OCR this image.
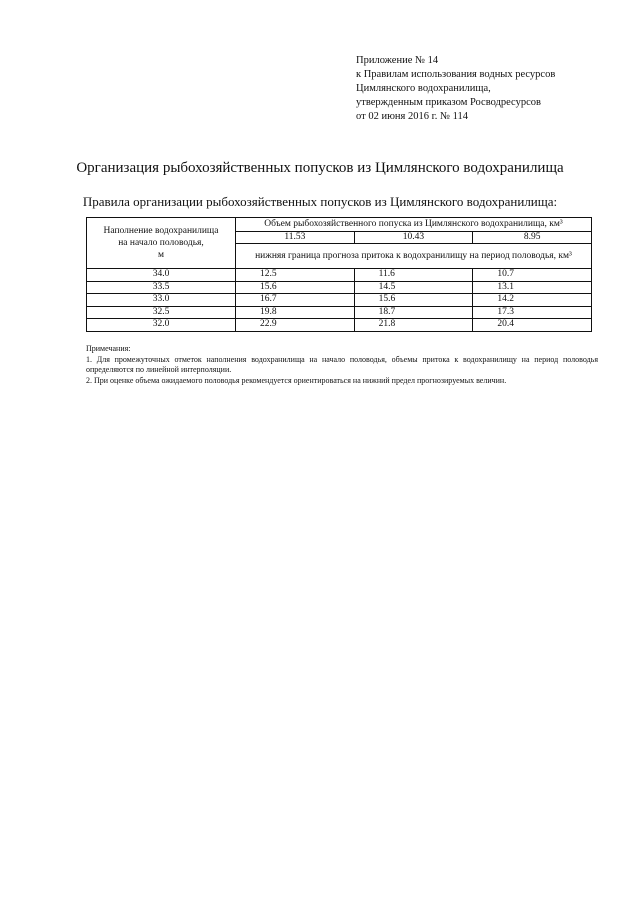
Приложение № 14
к Правилам использования водных ресурсов
Цимлянского водохранилища,
утвержденным приказом Росводресурсов
от 02 июня 2016 г. № 114
Организация рыбохозяйственных попусков из Цимлянского водохранилища
Правила организации рыбохозяйственных попусков из Цимлянского водохранилища:
Наполнение водохранилища
на начало половодья,
м	Объем рыбохозяйственного попуска из Цимлянского водохранилища, км³		
	11.53	10.43	8.95
	нижняя граница прогноза притока к водохранилищу на период половодья, км³		

34.0	12.5	11.6	10.7
33.5	15.6	14.5	13.1
33.0	16.7	15.6	14.2
32.5	19.8	18.7	17.3
32.0	22.9	21.8	20.4
Примечания:
1. Для промежуточных отметок наполнения водохранилища на начало половодья, объемы притока к водохранилищу на период половодья определяются по линейной интерполяции.
2. При оценке объема ожидаемого половодья рекомендуется ориентироваться на нижний предел прогнозируемых величин.
